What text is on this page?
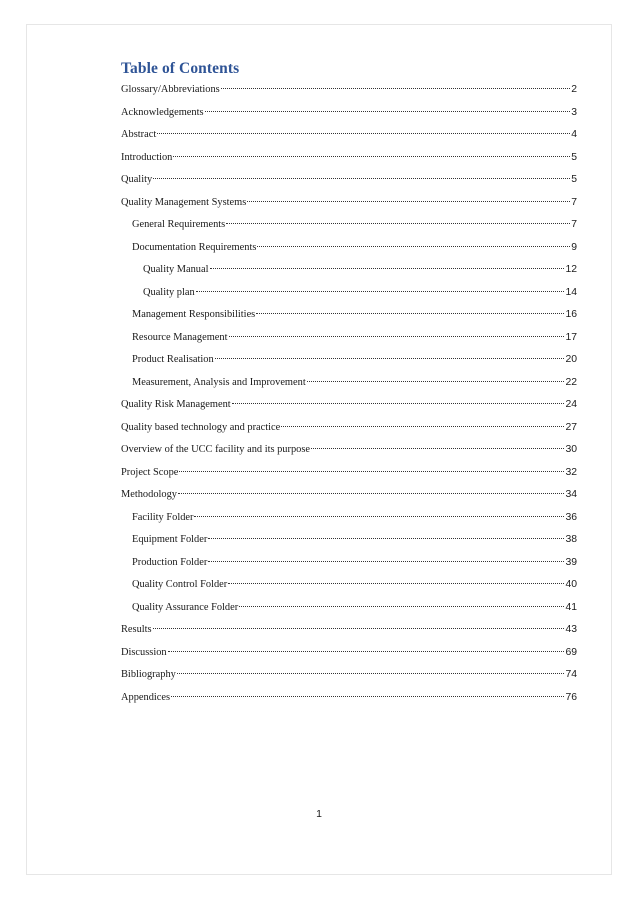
Table of Contents
Glossary/Abbreviations	2
Acknowledgements	3
Abstract	4
Introduction	5
Quality	5
Quality Management Systems	7
General Requirements	7
Documentation Requirements	9
Quality Manual	12
Quality plan	14
Management Responsibilities	16
Resource Management	17
Product Realisation	20
Measurement, Analysis and Improvement	22
Quality Risk Management	24
Quality based technology and practice	27
Overview of the UCC facility and its purpose	30
Project Scope	32
Methodology	34
Facility Folder	36
Equipment Folder	38
Production Folder	39
Quality Control Folder	40
Quality Assurance Folder	41
Results	43
Discussion	69
Bibliography	74
Appendices	76
1
